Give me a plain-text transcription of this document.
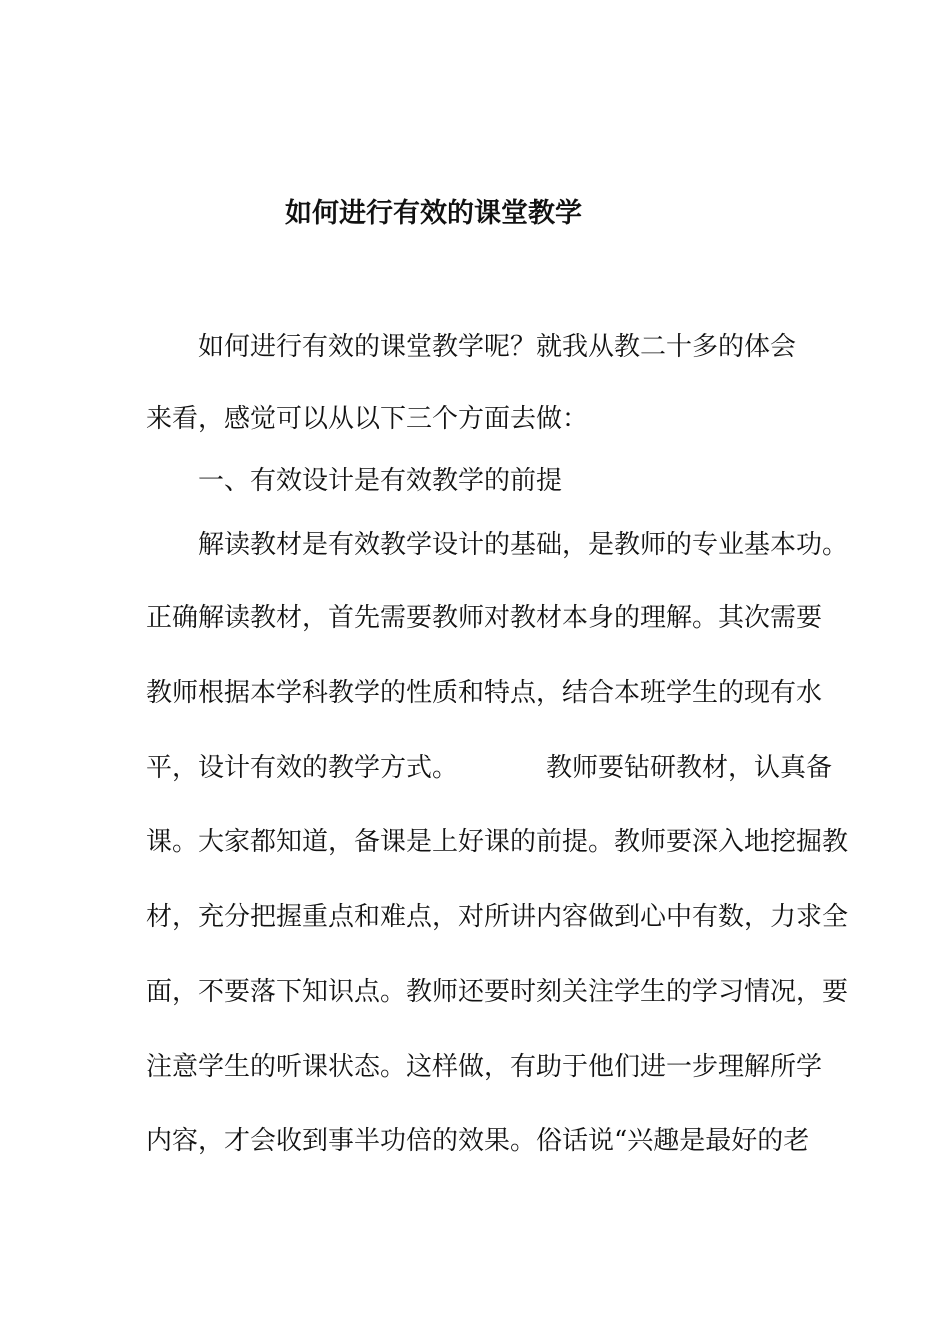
如何进行有效的课堂教学

如何进行有效的课堂教学呢？就我从教二十多的体会

来看，感觉可以从以下三个方面去做：

一、有效设计是有效教学的前提

解读教材是有效教学设计的基础，是教师的专业基本功。

正确解读教材，首先需要教师对教材本身的理解。其次需要

教师根据本学科教学的性质和特点，结合本班学生的现有水

平，设计有效的教学方式。	教师要钻研教材，认真备

课。大家都知道，备课是上好课的前提。教师要深入地挖掘教

材，充分把握重点和难点，对所讲内容做到心中有数，力求全

面，不要落下知识点。教师还要时刻关注学生的学习情况，要

注意学生的听课状态。这样做，有助于他们进一步理解所学

内容，才会收到事半功倍的效果。俗话说“兴趣是最好的老
